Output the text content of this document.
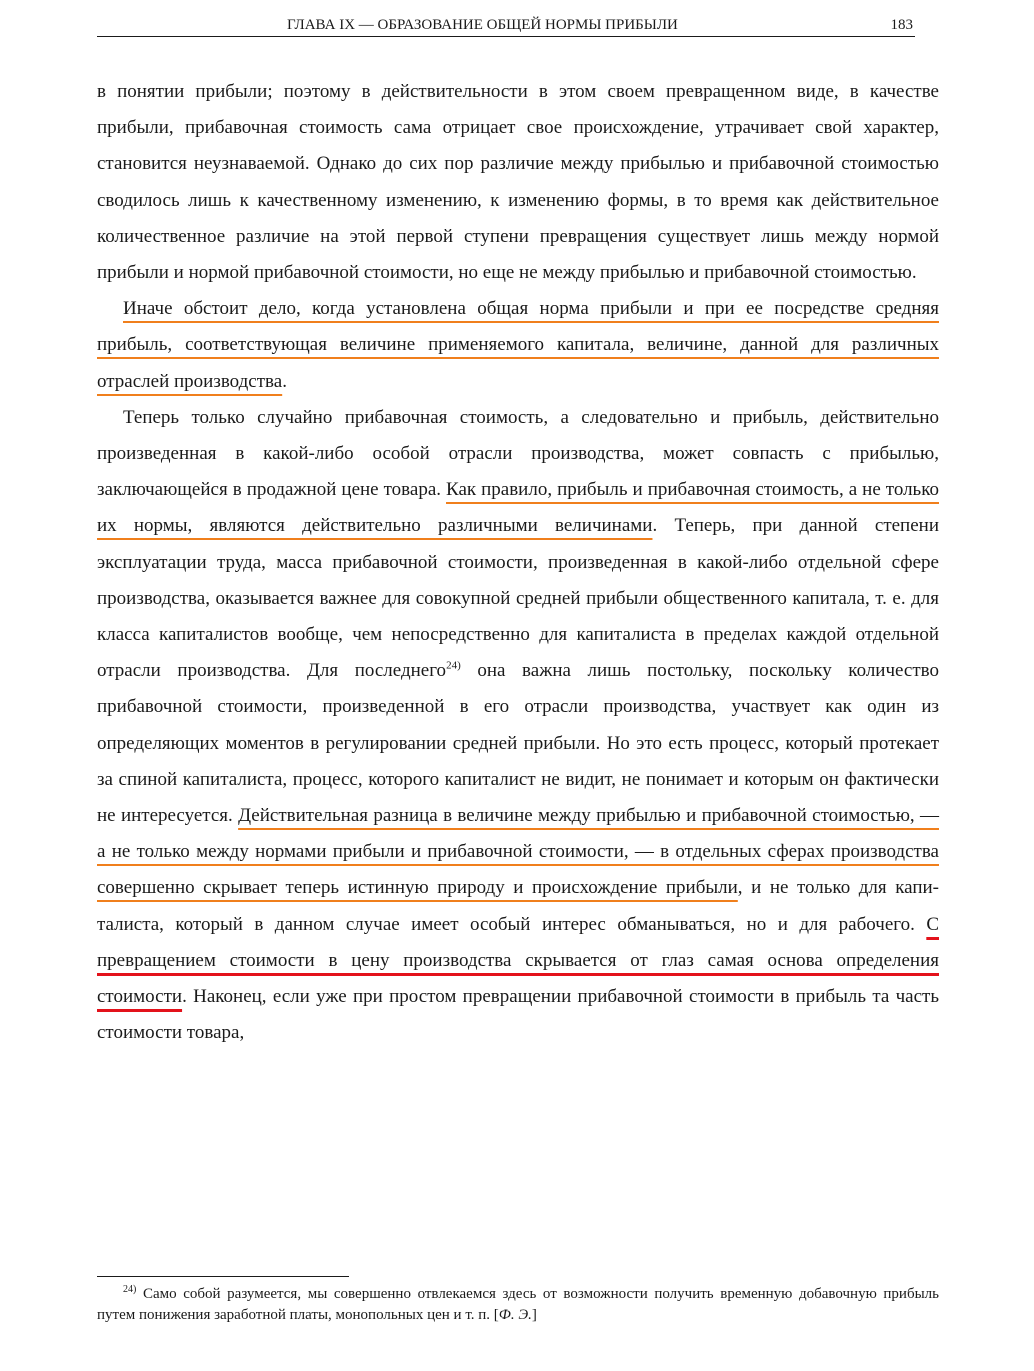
ГЛАВА IX — ОБРАЗОВАНИЕ ОБЩЕЙ НОРМЫ ПРИБЫЛИ	183

в понятии прибыли; поэтому в действительности в этом своем превращенном виде, в качестве прибыли, прибавочная стоимость сама отрицает свое происхождение, утрачивает свой характер, становится неузнаваемой. Однако до сих пор различие между прибылью и прибавочной стоимостью сводилось лишь к качественному изменению, к изменению формы, в то время как действительное количественное различие на этой первой ступени превращения существует лишь между нормой прибыли и нормой прибавочной стоимости, но еще не между прибылью и прибавочной стоимостью.

Иначе обстоит дело, когда установлена общая норма прибыли и при ее посредстве средняя прибыль, соответствующая величине применяемого капитала, величине, данной для различных отраслей производства.

Теперь только случайно прибавочная стоимость, а следовательно и прибыль, действительно произведенная в какой-либо особой отрасли производства, может совпасть с прибылью, заключающейся в продажной цене товара. Как правило, прибыль и прибавочная стоимость, а не только их нормы, являются действительно различными величинами. Теперь, при данной степени эксплуатации труда, масса прибавочной стоимости, произведенная в какой-либо отдельной сфере производства, оказывается важнее для совокупной средней прибыли общественного капитала, т. е. для класса капиталистов вообще, чем непосредственно для капиталиста в пределах каждой отдельной отрасли производства. Для последнего$^{24)}$ она важна лишь постольку, поскольку количество прибавочной стоимости, произведенной в его отрасли производства, участвует как один из определяющих моментов в регулировании средней прибыли. Но это есть процесс, который протекает за спиной капиталиста, процесс, которого капиталист не видит, не понимает и которым он фактически не интересуется. Действительная разница в величине между прибылью и прибавочной стоимостью, — а не только между нормами прибыли и прибавочной стоимости, — в отдельных сферах производства совершенно скрывает теперь истинную природу и происхождение прибыли, и не только для капиталиста, который в данном случае имеет особый интерес обманываться, но и для рабочего. С превращением стоимости в цену производства скрывается от глаз самая основа определения стоимости. Наконец, если уже при простом превращении прибавочной стоимости в прибыль та часть стоимости товара,

$^{24)}$ Само собой разумеется, мы совершенно отвлекаемся здесь от возможности получить временную добавочную прибыль путем понижения заработной платы, монопольных цен и т. п. [Ф. Э.]
